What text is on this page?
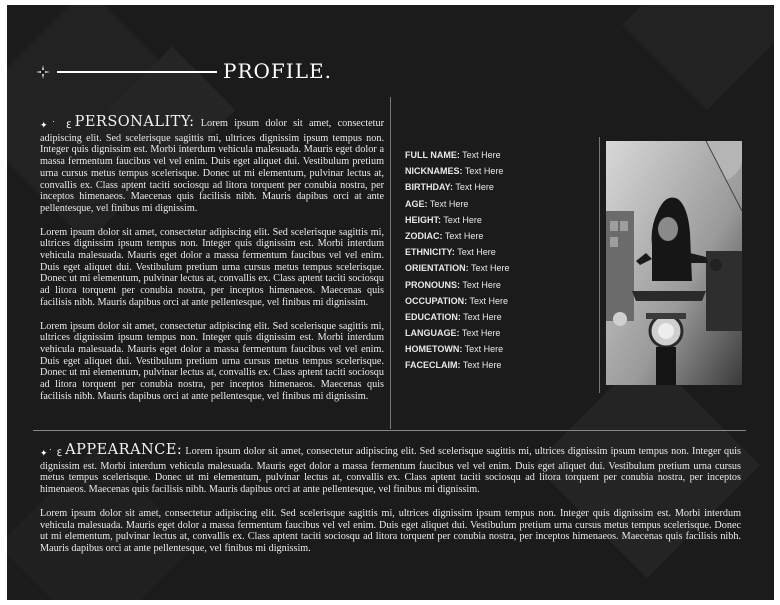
PROFILE.

✦˙ ℇ PERSONALITY: Lorem ipsum dolor sit amet, consectetur adipiscing elit. Sed scelerisque sagittis mi, ultrices dignissim ipsum tempus non. Integer quis dignissim est. Morbi interdum vehicula malesuada. Mauris eget dolor a massa fermentum faucibus vel vel enim. Duis eget aliquet dui. Vestibulum pretium urna cursus metus tempus scelerisque. Donec ut mi elementum, pulvinar lectus at, convallis ex. Class aptent taciti sociosqu ad litora torquent per conubia nostra, per inceptos himenaeos. Maecenas quis facilisis nibh. Mauris dapibus orci at ante pellentesque, vel finibus mi dignissim.

Lorem ipsum dolor sit amet, consectetur adipiscing elit. Sed scelerisque sagittis mi, ultrices dignissim ipsum tempus non. Integer quis dignissim est. Morbi interdum vehicula malesuada. Mauris eget dolor a massa fermentum faucibus vel vel enim. Duis eget aliquet dui. Vestibulum pretium urna cursus metus tempus scelerisque. Donec ut mi elementum, pulvinar lectus at, convallis ex. Class aptent taciti sociosqu ad litora torquent per conubia nostra, per inceptos himenaeos. Maecenas quis facilisis nibh. Mauris dapibus orci at ante pellentesque, vel finibus mi dignissim.

Lorem ipsum dolor sit amet, consectetur adipiscing elit. Sed scelerisque sagittis mi, ultrices dignissim ipsum tempus non. Integer quis dignissim est. Morbi interdum vehicula malesuada. Mauris eget dolor a massa fermentum faucibus vel vel enim. Duis eget aliquet dui. Vestibulum pretium urna cursus metus tempus scelerisque. Donec ut mi elementum, pulvinar lectus at, convallis ex. Class aptent taciti sociosqu ad litora torquent per conubia nostra, per inceptos himenaeos. Maecenas quis facilisis nibh. Mauris dapibus orci at ante pellentesque, vel finibus mi dignissim.

FULL NAME: Text Here
NICKNAMES: Text Here
BIRTHDAY: Text Here
AGE: Text Here
HEIGHT: Text Here
ZODIAC: Text Here
ETHNICITY: Text Here
ORIENTATION: Text Here
PRONOUNS: Text Here
OCCUPATION: Text Here
EDUCATION: Text Here
LANGUAGE: Text Here
HOMETOWN: Text Here
FACECLAIM: Text Here

✦˙ ℇ APPEARANCE: Lorem ipsum dolor sit amet, consectetur adipiscing elit. Sed scelerisque sagittis mi, ultrices dignissim ipsum tempus non. Integer quis dignissim est. Morbi interdum vehicula malesuada. Mauris eget dolor a massa fermentum faucibus vel vel enim. Duis eget aliquet dui. Vestibulum pretium urna cursus metus tempus scelerisque. Donec ut mi elementum, pulvinar lectus at, convallis ex. Class aptent taciti sociosqu ad litora torquent per conubia nostra, per inceptos himenaeos. Maecenas quis facilisis nibh. Mauris dapibus orci at ante pellentesque, vel finibus mi dignissim.

Lorem ipsum dolor sit amet, consectetur adipiscing elit. Sed scelerisque sagittis mi, ultrices dignissim ipsum tempus non. Integer quis dignissim est. Morbi interdum vehicula malesuada. Mauris eget dolor a massa fermentum faucibus vel vel enim. Duis eget aliquet dui. Vestibulum pretium urna cursus metus tempus scelerisque. Donec ut mi elementum, pulvinar lectus at, convallis ex. Class aptent taciti sociosqu ad litora torquent per conubia nostra, per inceptos himenaeos. Maecenas quis facilisis nibh. Mauris dapibus orci at ante pellentesque, vel finibus mi dignissim.
